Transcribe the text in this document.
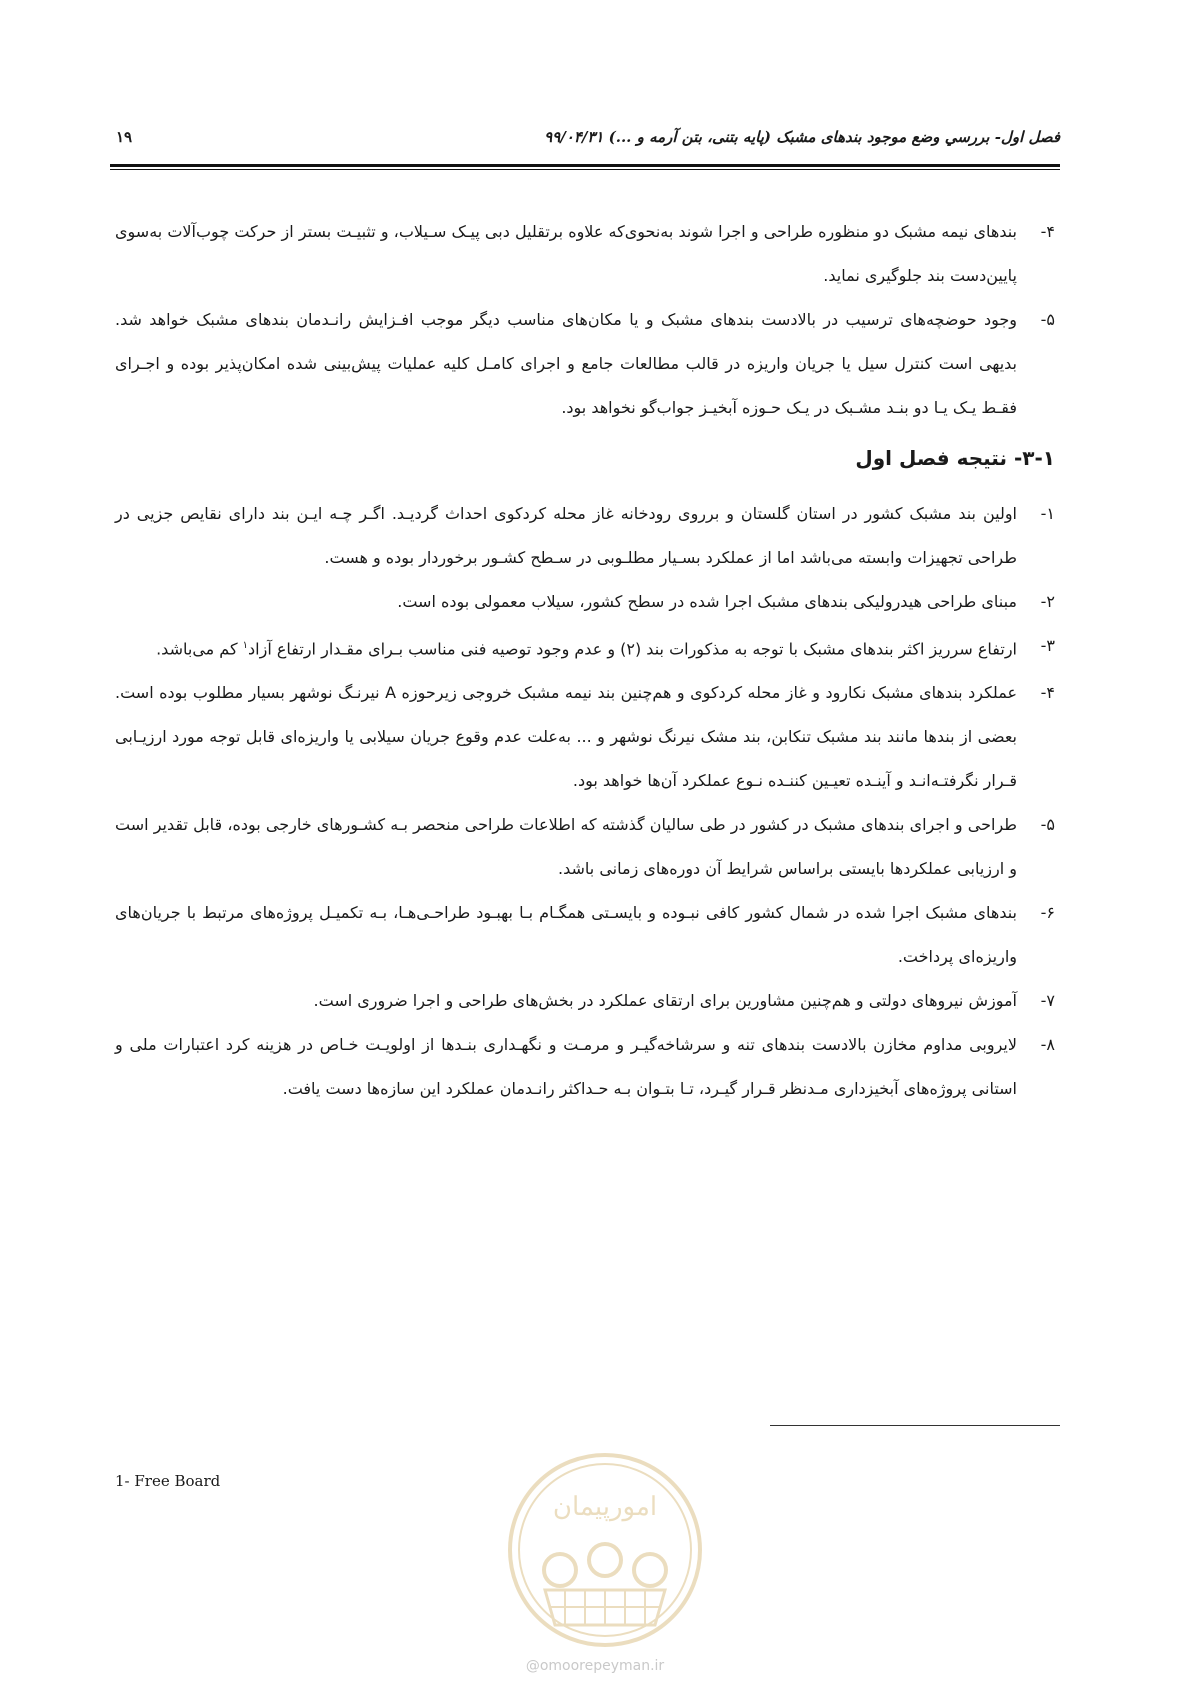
فصل اول- بررسي وضع موجود بندهای مشبک (پایه بتنی، بتن آرمه و ...) ۹۹/۰۴/۳۱
١٩

۴-
بندهای نیمه مشبک دو منظوره طراحی و اجرا شوند به‌نحوی‌که علاوه برتقلیل دبی پیـک سـیلاب، و تثبیـت بستر از حرکت چوب‌آلات به‌سوی پایین‌دست بند جلوگیری نماید.

۵-
وجود حوضچه‌های ترسیب در بالادست بندهای مشبک و یا مکان‌های مناسب دیگر موجب افـزایش رانـدمان بندهای مشبک خواهد شد. بدیهی است کنترل سیل یا جریان واریزه در قالب مطالعات جامع و اجرای کامـل کلیه عملیات پیش‌بینی شده امکان‌پذیر بوده و اجـرای فقـط یـک یـا دو بنـد مشـبک در یـک حـوزه آبخیـز جواب‌گو نخواهد بود.

١-٣- نتیجه فصل اول

١-
اولین بند مشبک کشور در استان گلستان و برروی رودخانه غاز محله کردکوی احداث گردیـد. اگـر چـه ایـن بند دارای نقایص جزیی در طراحی تجهیزات وابسته می‌باشد اما از عملکرد بسـیار مطلـوبی در سـطح کشـور برخوردار بوده و هست.

٢-
مبنای طراحی هیدرولیکی بندهای مشبک اجرا شده در سطح کشور، سیلاب معمولی بوده است.

٣-
ارتفاع سرریز اکثر بندهای مشبک با توجه به مذکورات بند (٢) و عدم وجود توصیه فنی مناسب بـرای مقـدار ارتفاع آزاد$^١$ کم می‌باشد.

۴-
عملکرد بندهای مشبک نکارود و غاز محله کردکوی و هم‌چنین بند نیمه مشبک خروجی زیرحوزه A نیرنـگ نوشهر بسیار مطلوب بوده است. بعضی از بندها مانند بند مشبک تنکابن، بند مشک نیرنگ نوشهر و ... به‌علت عدم وقوع جریان سیلابی یا واریزه‌ای قابل توجه مورد ارزیـابی قـرار نگرفتـه‌انـد و آینـده تعیـین کننـده نـوع عملکرد آن‌ها خواهد بود.

۵-
طراحی و اجرای بندهای مشبک در کشور در طی سالیان گذشته که اطلاعات طراحی منحصر بـه کشـورهای خارجی بوده، قابل تقدیر است و ارزیابی عملکردها بایستی براساس شرایط آن دوره‌های زمانی باشد.

۶-
بندهای مشبک اجرا شده در شمال کشور کافی نبـوده و بایسـتی همگـام بـا بهبـود طراحـی‌هـا، بـه تکمیـل پروژه‌های مرتبط با جریان‌های واریزه‌ای پرداخت.

٧-
آموزش نیروهای دولتی و هم‌چنین مشاورین برای ارتقای عملکرد در بخش‌های طراحی و اجرا ضروری است.

٨-
لایروبی مداوم مخازن بالادست بندهای تنه و سرشاخه‌گیـر و مرمـت و نگهـداری بنـدها از اولویـت خـاص در هزینه کرد اعتبارات ملی و استانی پروژه‌های آبخیزداری مـدنظر قـرار گیـرد، تـا بتـوان بـه حـداکثر رانـدمان عملکرد این سازه‌ها دست یافت.

1- Free Board
امورپیمان
@omoorepeyman.ir
